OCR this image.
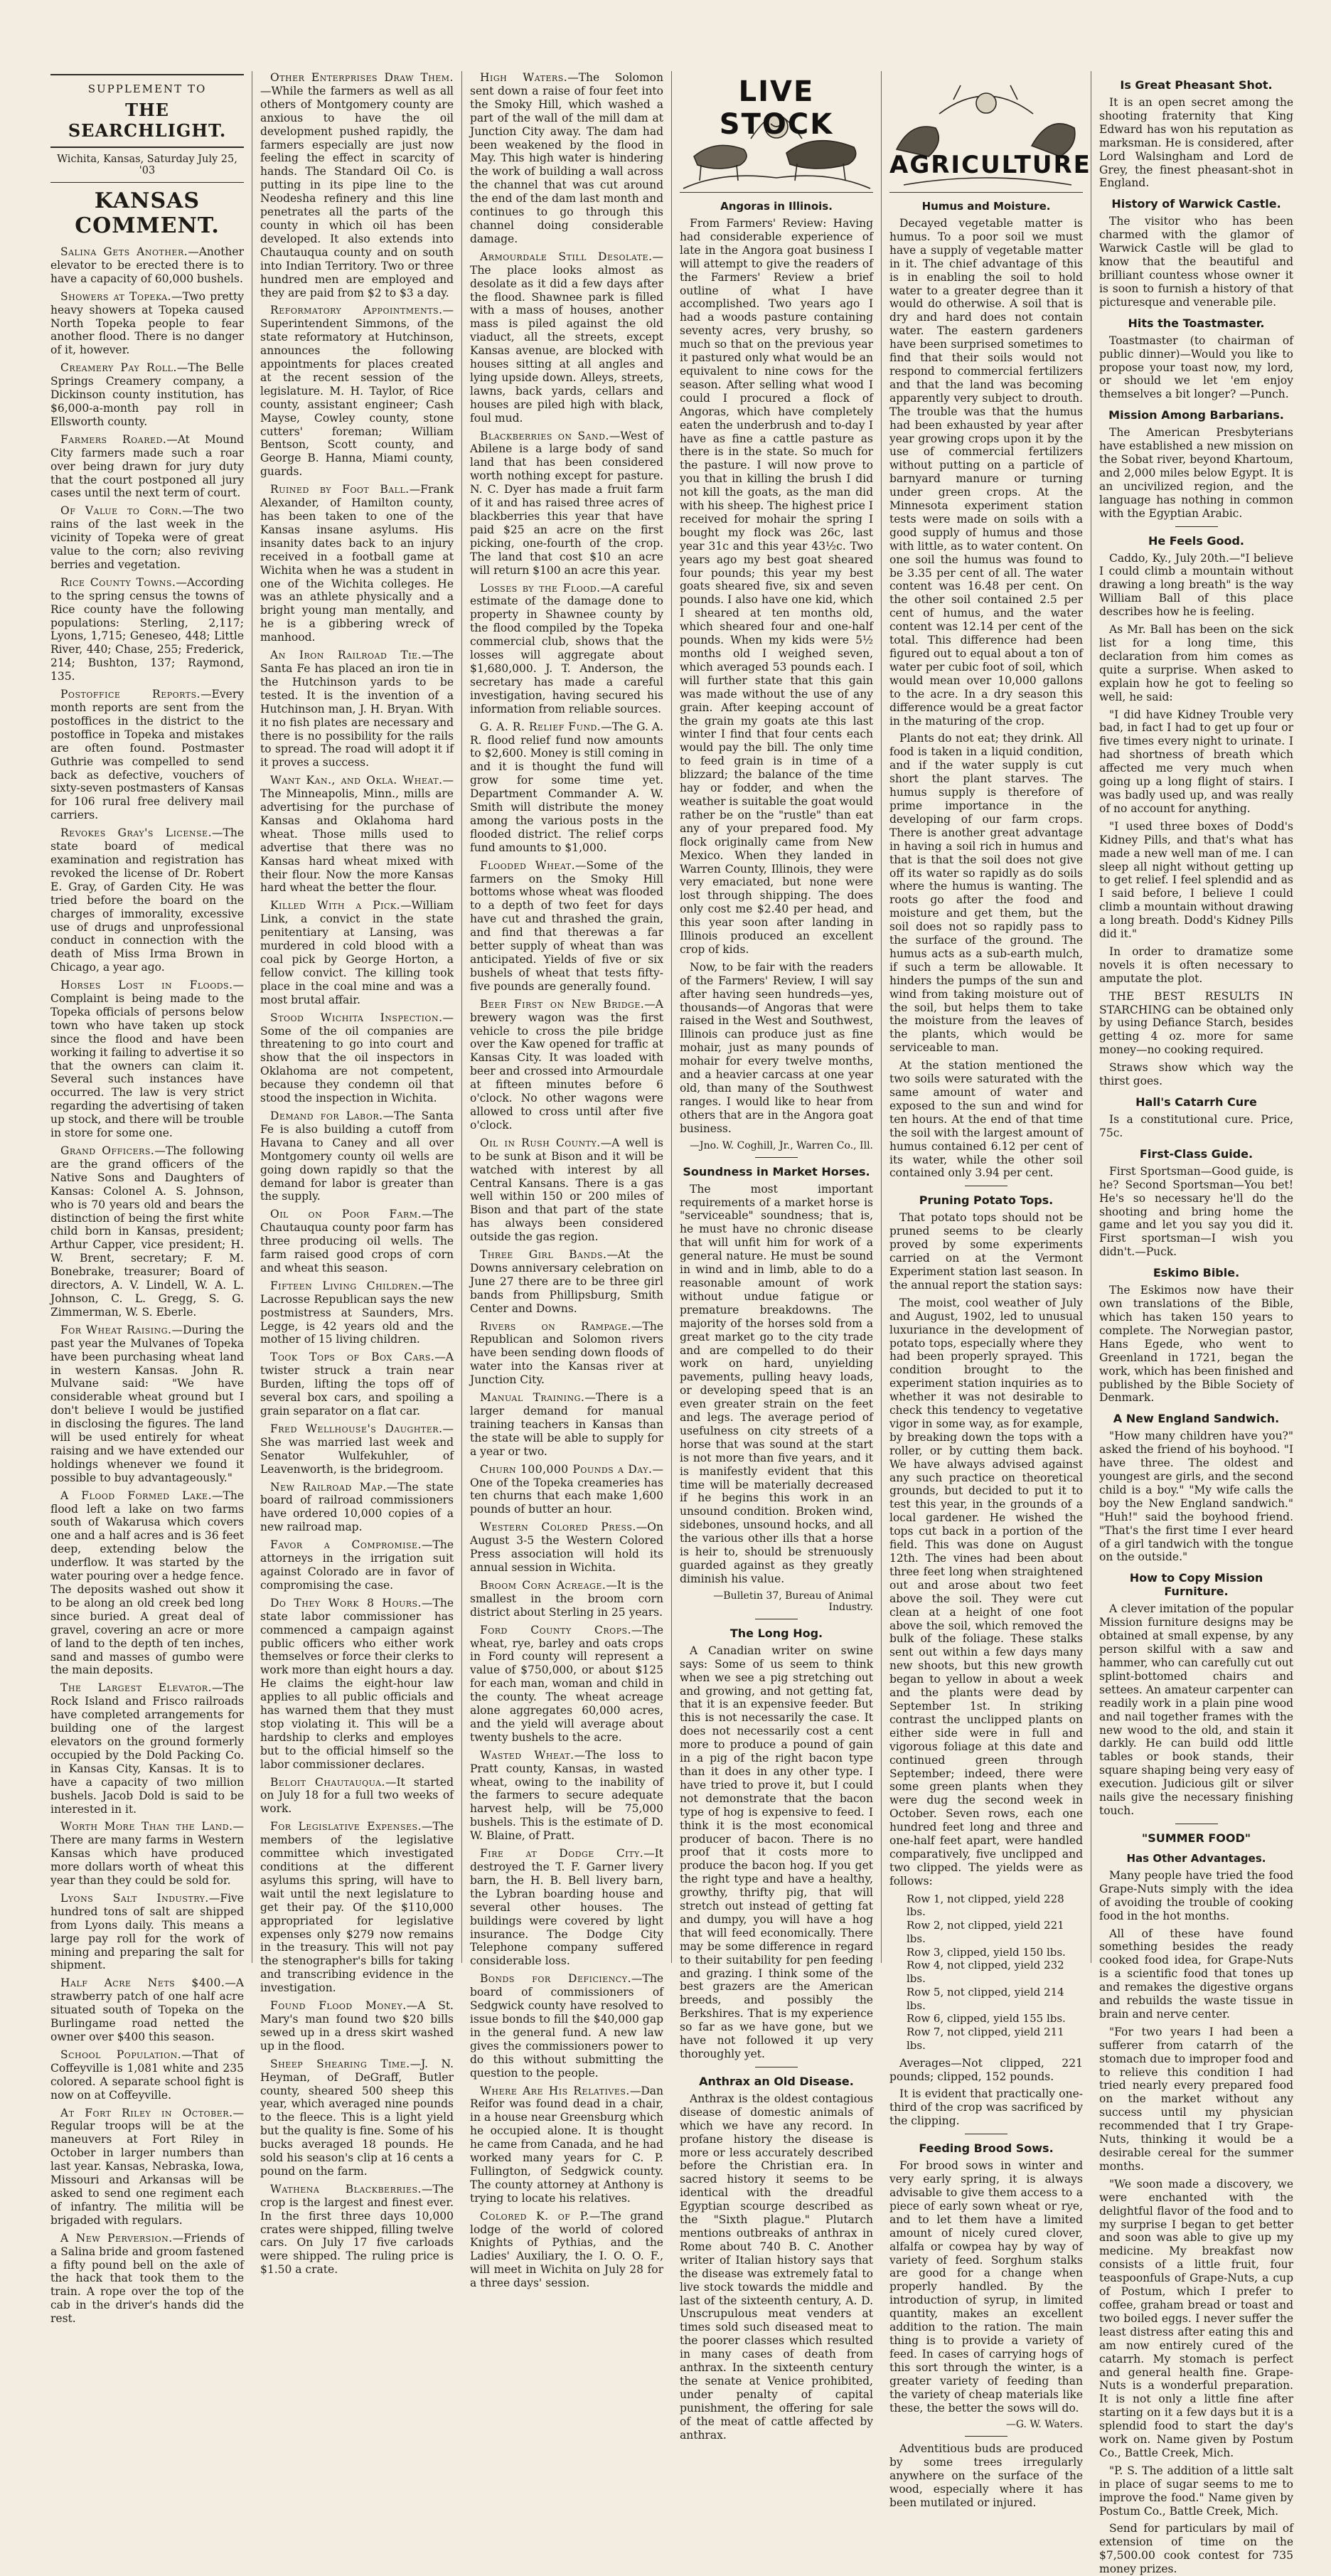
SUPPLEMENT TO
THE SEARCHLIGHT.
Wichita, Kansas, Saturday July 25, '03
KANSAS COMMENT.

Salina Gets Another.—Another elevator to be erected there is to have a capacity of 60,000 bushels.

Showers at Topeka.—Two pretty heavy showers at Topeka caused North Topeka people to fear another flood. There is no danger of it, however.

Creamery Pay Roll.—The Belle Springs Creamery company, a Dickinson county institution, has $6,000-a-month pay roll in Ellsworth county.

Farmers Roared.—At Mound City farmers made such a roar over being drawn for jury duty that the court postponed all jury cases until the next term of court.

Of Value to Corn.—The two rains of the last week in the vicinity of Topeka were of great value to the corn; also reviving berries and vegetation.

Rice County Towns.—According to the spring census the towns of Rice county have the following populations: Sterling, 2,117; Lyons, 1,715; Geneseo, 448; Little River, 440; Chase, 255; Frederick, 214; Bushton, 137; Raymond, 135.

Postoffice Reports.—Every month reports are sent from the postoffices in the district to the postoffice in Topeka and mistakes are often found. Postmaster Guthrie was compelled to send back as defective, vouchers of sixty-seven postmasters of Kansas for 106 rural free delivery mail carriers.

Revokes Gray's License.—The state board of medical examination and registration has revoked the license of Dr. Robert E. Gray, of Garden City. He was tried before the board on the charges of immorality, excessive use of drugs and unprofessional conduct in connection with the death of Miss Irma Brown in Chicago, a year ago.

Horses Lost in Floods.—Complaint is being made to the Topeka officials of persons below town who have taken up stock since the flood and have been working it failing to advertise it so that the owners can claim it. Several such instances have occurred. The law is very strict regarding the advertising of taken up stock, and there will be trouble in store for some one.

Grand Officers.—The following are the grand officers of the Native Sons and Daughters of Kansas: Colonel A. S. Johnson, who is 70 years old and bears the distinction of being the first white child born in Kansas, president; Arthur Capper, vice president; H. W. Brent, secretary; F. M. Bonebrake, treasurer; Board of directors, A. V. Lindell, W. A. L. Johnson, C. L. Gregg, S. G. Zimmerman, W. S. Eberle.

For Wheat Raising.—During the past year the Mulvanes of Topeka have been purchasing wheat land in western Kansas. John R. Mulvane said: "We have considerable wheat ground but I don't believe I would be justified in disclosing the figures. The land will be used entirely for wheat raising and we have extended our holdings whenever we found it possible to buy advantageously."

A Flood Formed Lake.—The flood left a lake on two farms south of Wakarusa which covers one and a half acres and is 36 feet deep, extending below the underflow. It was started by the water pouring over a hedge fence. The deposits washed out show it to be along an old creek bed long since buried. A great deal of gravel, covering an acre or more of land to the depth of ten inches, sand and masses of gumbo were the main deposits.

The Largest Elevator.—The Rock Island and Frisco railroads have completed arrangements for building one of the largest elevators on the ground formerly occupied by the Dold Packing Co. in Kansas City, Kansas. It is to have a capacity of two million bushels. Jacob Dold is said to be interested in it.

Worth More Than the Land.—There are many farms in Western Kansas which have produced more dollars worth of wheat this year than they could be sold for.

Lyons Salt Industry.—Five hundred tons of salt are shipped from Lyons daily. This means a large pay roll for the work of mining and preparing the salt for shipment.

Half Acre Nets $400.—A strawberry patch of one half acre situated south of Topeka on the Burlingame road netted the owner over $400 this season.

School Population.—That of Coffeyville is 1,081 white and 235 colored. A separate school fight is now on at Coffeyville.

At Fort Riley in October.—Regular troops will be at the maneuvers at Fort Riley in October in larger numbers than last year. Kansas, Nebraska, Iowa, Missouri and Arkansas will be asked to send one regiment each of infantry. The militia will be brigaded with regulars.

A New Perversion.—Friends of a Salina bride and groom fastened a fifty pound bell on the axle of the hack that took them to the train. A rope over the top of the cab in the driver's hands did the rest.

Other Enterprises Draw Them.—While the farmers as well as all others of Montgomery county are anxious to have the oil development pushed rapidly, the farmers especially are just now feeling the effect in scarcity of hands. The Standard Oil Co. is putting in its pipe line to the Neodesha refinery and this line penetrates all the parts of the county in which oil has been developed. It also extends into Chautauqua county and on south into Indian Territory. Two or three hundred men are employed and they are paid from $2 to $3 a day.

Reformatory Appointments.—Superintendent Simmons, of the state reformatory at Hutchinson, announces the following appointments for places created at the recent session of the legislature. M. H. Taylor, of Rice county, assistant engineer; Cash Mayse, Cowley county, stone cutters' foreman; William Bentson, Scott county, and George B. Hanna, Miami county, guards.

Ruined by Foot Ball.—Frank Alexander, of Hamilton county, has been taken to one of the Kansas insane asylums. His insanity dates back to an injury received in a football game at Wichita when he was a student in one of the Wichita colleges. He was an athlete physically and a bright young man mentally, and he is a gibbering wreck of manhood.

An Iron Railroad Tie.—The Santa Fe has placed an iron tie in the Hutchinson yards to be tested. It is the invention of a Hutchinson man, J. H. Bryan. With it no fish plates are necessary and there is no possibility for the rails to spread. The road will adopt it if it proves a success.

Want Kan., and Okla. Wheat.—The Minneapolis, Minn., mills are advertising for the purchase of Kansas and Oklahoma hard wheat. Those mills used to advertise that there was no Kansas hard wheat mixed with their flour. Now the more Kansas hard wheat the better the flour.

Killed With a Pick.—William Link, a convict in the state penitentiary at Lansing, was murdered in cold blood with a coal pick by George Horton, a fellow convict. The killing took place in the coal mine and was a most brutal affair.

Stood Wichita Inspection.—Some of the oil companies are threatening to go into court and show that the oil inspectors in Oklahoma are not competent, because they condemn oil that stood the inspection in Wichita.

Demand for Labor.—The Santa Fe is also building a cutoff from Havana to Caney and all over Montgomery county oil wells are going down rapidly so that the demand for labor is greater than the supply.

Oil on Poor Farm.—The Chautauqua county poor farm has three producing oil wells. The farm raised good crops of corn and wheat this season.

Fifteen Living Children.—The Lacrosse Republican says the new postmistress at Saunders, Mrs. Legge, is 42 years old and the mother of 15 living children.

Took Tops of Box Cars.—A twister struck a train near Burden, lifting the tops off of several box cars, and spoiling a grain separator on a flat car.

Fred Wellhouse's Daughter.—She was married last week and Senator Wulfekuhler, of Leavenworth, is the bridegroom.

New Railroad Map.—The state board of railroad commissioners have ordered 10,000 copies of a new railroad map.

Favor a Compromise.—The attorneys in the irrigation suit against Colorado are in favor of compromising the case.

Do They Work 8 Hours.—The state labor commissioner has commenced a campaign against public officers who either work themselves or force their clerks to work more than eight hours a day. He claims the eight-hour law applies to all public officials and has warned them that they must stop violating it. This will be a hardship to clerks and employes but to the official himself so the labor commissioner declares.

Beloit Chautauqua.—It started on July 18 for a full two weeks of work.

For Legislative Expenses.—The members of the legislative committee which investigated conditions at the different asylums this spring, will have to wait until the next legislature to get their pay. Of the $110,000 appropriated for legislative expenses only $279 now remains in the treasury. This will not pay the stenographer's bills for taking and transcribing evidence in the investigation.

Found Flood Money.—A St. Mary's man found two $20 bills sewed up in a dress skirt washed up in the flood.

Sheep Shearing Time.—J. N. Heyman, of DeGraff, Butler county, sheared 500 sheep this year, which averaged nine pounds to the fleece. This is a light yield but the quality is fine. Some of his bucks averaged 18 pounds. He sold his season's clip at 16 cents a pound on the farm.

Wathena Blackberries.—The crop is the largest and finest ever. In the first three days 10,000 crates were shipped, filling twelve cars. On July 17 five carloads were shipped. The ruling price is $1.50 a crate.

High Waters.—The Solomon sent down a raise of four feet into the Smoky Hill, which washed a part of the wall of the mill dam at Junction City away. The dam had been weakened by the flood in May. This high water is hindering the work of building a wall across the channel that was cut around the end of the dam last month and continues to go through this channel doing considerable damage.

Armourdale Still Desolate.—The place looks almost as desolate as it did a few days after the flood. Shawnee park is filled with a mass of houses, another mass is piled against the old viaduct, all the streets, except Kansas avenue, are blocked with houses sitting at all angles and lying upside down. Alleys, streets, lawns, back yards, cellars and houses are piled high with black, foul mud.

Blackberries on Sand.—West of Abilene is a large body of sand land that has been considered worth nothing except for pasture. N. C. Dyer has made a fruit farm of it and has raised three acres of blackberries this year that have paid $25 an acre on the first picking, one-fourth of the crop. The land that cost $10 an acre will return $100 an acre this year.

Losses by the Flood.—A careful estimate of the damage done to property in Shawnee county by the flood compiled by the Topeka commercial club, shows that the losses will aggregate about $1,680,000. J. T. Anderson, the secretary has made a careful investigation, having secured his information from reliable sources.

G. A. R. Relief Fund.—The G. A. R. flood relief fund now amounts to $2,600. Money is still coming in and it is thought the fund will grow for some time yet. Department Commander A. W. Smith will distribute the money among the various posts in the flooded district. The relief corps fund amounts to $1,000.

Flooded Wheat.—Some of the farmers on the Smoky Hill bottoms whose wheat was flooded to a depth of two feet for days have cut and thrashed the grain, and find that therewas a far better supply of wheat than was anticipated. Yields of five or six bushels of wheat that tests fifty-five pounds are generally found.

Beer First on New Bridge.—A brewery wagon was the first vehicle to cross the pile bridge over the Kaw opened for traffic at Kansas City. It was loaded with beer and crossed into Armourdale at fifteen minutes before 6 o'clock. No other wagons were allowed to cross until after five o'clock.

Oil in Rush County.—A well is to be sunk at Bison and it will be watched with interest by all Central Kansans. There is a gas well within 150 or 200 miles of Bison and that part of the state has always been considered outside the gas region.

Three Girl Bands.—At the Downs anniversary celebration on June 27 there are to be three girl bands from Phillipsburg, Smith Center and Downs.

Rivers on Rampage.—The Republican and Solomon rivers have been sending down floods of water into the Kansas river at Junction City.

Manual Training.—There is a larger demand for manual training teachers in Kansas than the state will be able to supply for a year or two.

Churn 100,000 Pounds a Day.—One of the Topeka creameries has ten churns that each make 1,600 pounds of butter an hour.

Western Colored Press.—On August 3-5 the Western Colored Press association will hold its annual session in Wichita.

Broom Corn Acreage.—It is the smallest in the broom corn district about Sterling in 25 years.

Ford County Crops.—The wheat, rye, barley and oats crops in Ford county will represent a value of $750,000, or about $125 for each man, woman and child in the county. The wheat acreage alone aggregates 60,000 acres, and the yield will average about twenty bushels to the acre.

Wasted Wheat.—The loss to Pratt county, Kansas, in wasted wheat, owing to the inability of the farmers to secure adequate harvest help, will be 75,000 bushels. This is the estimate of D. W. Blaine, of Pratt.

Fire at Dodge City.—It destroyed the T. F. Garner livery barn, the H. B. Bell livery barn, the Lybran boarding house and several other houses. The buildings were covered by light insurance. The Dodge City Telephone company suffered considerable loss.

Bonds for Deficiency.—The board of commissioners of Sedgwick county have resolved to issue bonds to fill the $40,000 gap in the general fund. A new law gives the commissioners power to do this without submitting the question to the people.

Where Are His Relatives.—Dan Reifor was found dead in a chair, in a house near Greensburg which he occupied alone. It is thought he came from Canada, and he had worked many years for C. P. Fullington, of Sedgwick county. The county attorney at Anthony is trying to locate his relatives.

Colored K. of P.—The grand lodge of the world of colored Knights of Pythias, and the Ladies' Auxiliary, the I. O. O. F., will meet in Wichita on July 28 for a three days' session.

LIVE STOCK
Angoras in Illinois.

From Farmers' Review: Having had considerable experience of late in the Angora goat business I will attempt to give the readers of the Farmers' Review a brief outline of what I have accomplished. Two years ago I had a woods pasture containing seventy acres, very brushy, so much so that on the previous year it pastured only what would be an equivalent to nine cows for the season. After selling what wood I could I procured a flock of Angoras, which have completely eaten the underbrush and to-day I have as fine a cattle pasture as there is in the state. So much for the pasture. I will now prove to you that in killing the brush I did not kill the goats, as the man did with his sheep. The highest price I received for mohair the spring I bought my flock was 26c, last year 31c and this year 43½c. Two years ago my best goat sheared four pounds; this year my best goats sheared five, six and seven pounds. I also have one kid, which I sheared at ten months old, which sheared four and one-half pounds. When my kids were 5½ months old I weighed seven, which averaged 53 pounds each. I will further state that this gain was made without the use of any grain. After keeping account of the grain my goats ate this last winter I find that four cents each would pay the bill. The only time to feed grain is in time of a blizzard; the balance of the time hay or fodder, and when the weather is suitable the goat would rather be on the "rustle" than eat any of your prepared food. My flock originally came from New Mexico. When they landed in Warren County, Illinois, they were very emaciated, but none were lost through shipping. The does only cost me $2.40 per head, and this year soon after landing in Illinois produced an excellent crop of kids.

Now, to be fair with the readers of the Farmers' Review, I will say after having seen hundreds—yes, thousands—of Angoras that were raised in the West and Southwest, Illinois can produce just as fine mohair, just as many pounds of mohair for every twelve months, and a heavier carcass at one year old, than many of the Southwest ranges. I would like to hear from others that are in the Angora goat business.

—Jno. W. Coghill, Jr., Warren Co., Ill.
Soundness in Market Horses.

The most important requirements of a market horse is "serviceable" soundness; that is, he must have no chronic disease that will unfit him for work of a general nature. He must be sound in wind and in limb, able to do a reasonable amount of work without undue fatigue or premature breakdowns. The majority of the horses sold from a great market go to the city trade and are compelled to do their work on hard, unyielding pavements, pulling heavy loads, or developing speed that is an even greater strain on the feet and legs. The average period of usefulness on city streets of a horse that was sound at the start is not more than five years, and it is manifestly evident that this time will be materially decreased if he begins this work in an unsound condition. Broken wind, sidebones, unsound hocks, and all the various other ills that a horse is heir to, should be strenuously guarded against as they greatly diminish his value.

—Bulletin 37, Bureau of Animal Industry.
The Long Hog.

A Canadian writer on swine says: Some of us seem to think when we see a pig stretching out and growing, and not getting fat, that it is an expensive feeder. But this is not necessarily the case. It does not necessarily cost a cent more to produce a pound of gain in a pig of the right bacon type than it does in any other type. I have tried to prove it, but I could not demonstrate that the bacon type of hog is expensive to feed. I think it is the most economical producer of bacon. There is no proof that it costs more to produce the bacon hog. If you get the right type and have a healthy, growthy, thrifty pig, that will stretch out instead of getting fat and dumpy, you will have a hog that will feed economically. There may be some difference in regard to their suitability for pen feeding and grazing. I think some of the best grazers are the American breeds, and possibly the Berkshires. That is my experience so far as we have gone, but we have not followed it up very thoroughly yet.

Anthrax an Old Disease.

Anthrax is the oldest contagious disease of domestic animals of which we have any record. In profane history the disease is more or less accurately described before the Christian era. In sacred history it seems to be identical with the dreadful Egyptian scourge described as the "Sixth plague." Plutarch mentions outbreaks of anthrax in Rome about 740 B. C. Another writer of Italian history says that the disease was extremely fatal to live stock towards the middle and last of the sixteenth century, A. D. Unscrupulous meat venders at times sold such diseased meat to the poorer classes which resulted in many cases of death from anthrax. In the sixteenth century the senate at Venice prohibited, under penalty of capital punishment, the offering for sale of the meat of cattle affected by anthrax.

AGRICULTURE
Humus and Moisture.

Decayed vegetable matter is humus. To a poor soil we must have a supply of vegetable matter in it. The chief advantage of this is in enabling the soil to hold water to a greater degree than it would do otherwise. A soil that is dry and hard does not contain water. The eastern gardeners have been surprised sometimes to find that their soils would not respond to commercial fertilizers and that the land was becoming apparently very subject to drouth. The trouble was that the humus had been exhausted by year after year growing crops upon it by the use of commercial fertilizers without putting on a particle of barnyard manure or turning under green crops. At the Minnesota experiment station tests were made on soils with a good supply of humus and those with little, as to water content. On one soil the humus was found to be 3.35 per cent of all. The water content was 16.48 per cent. On the other soil contained 2.5 per cent of humus, and the water content was 12.14 per cent of the total. This difference had been figured out to equal about a ton of water per cubic foot of soil, which would mean over 10,000 gallons to the acre. In a dry season this difference would be a great factor in the maturing of the crop.

Plants do not eat; they drink. All food is taken in a liquid condition, and if the water supply is cut short the plant starves. The humus supply is therefore of prime importance in the developing of our farm crops. There is another great advantage in having a soil rich in humus and that is that the soil does not give off its water so rapidly as do soils where the humus is wanting. The roots go after the food and moisture and get them, but the soil does not so rapidly pass to the surface of the ground. The humus acts as a sub-earth mulch, if such a term be allowable. It hinders the pumps of the sun and wind from taking moisture out of the soil, but helps them to take the moisture from the leaves of the plants, which would be serviceable to man.

At the station mentioned the two soils were saturated with the same amount of water and exposed to the sun and wind for ten hours. At the end of that time the soil with the largest amount of humus contained 6.12 per cent of its water, while the other soil contained only 3.94 per cent.

Pruning Potato Tops.

That potato tops should not be pruned seems to be clearly proved by some experiments carried on at the Vermont Experiment station last season. In the annual report the station says:

The moist, cool weather of July and August, 1902, led to unusual luxuriance in the development of potato tops, especially where they had been properly sprayed. This condition brought to the experiment station inquiries as to whether it was not desirable to check this tendency to vegetative vigor in some way, as for example, by breaking down the tops with a roller, or by cutting them back. We have always advised against any such practice on theoretical grounds, but decided to put it to test this year, in the grounds of a local gardener. He wished the tops cut back in a portion of the field. This was done on August 12th. The vines had been about three feet long when straightened out and arose about two feet above the soil. They were cut clean at a height of one foot above the soil, which removed the bulk of the foliage. These stalks sent out within a few days many new shoots, but this new growth began to yellow in about a week and the plants were dead by September 1st. In striking contrast the unclipped plants on either side were in full and vigorous foliage at this date and continued green through September; indeed, there were some green plants when they were dug the second week in October. Seven rows, each one hundred feet long and three and one-half feet apart, were handled comparatively, five unclipped and two clipped. The yields were as follows:

Row 1, not clipped, yield 228 lbs.
Row 2, not clipped, yield 221 lbs.
Row 3, clipped, yield 150 lbs.
Row 4, not clipped, yield 232 lbs.
Row 5, not clipped, yield 214 lbs.
Row 6, clipped, yield 155 lbs.
Row 7, not clipped, yield 211 lbs.

Averages—Not clipped, 221 pounds; clipped, 152 pounds.

It is evident that practically one-third of the crop was sacrificed by the clipping.

Feeding Brood Sows.

For brood sows in winter and very early spring, it is always advisable to give them access to a piece of early sown wheat or rye, and to let them have a limited amount of nicely cured clover, alfalfa or cowpea hay by way of variety of feed. Sorghum stalks are good for a change when properly handled. By the introduction of syrup, in limited quantity, makes an excellent addition to the ration. The main thing is to provide a variety of feed. In cases of carrying hogs of this sort through the winter, is a greater variety of feeding than the variety of cheap materials like these, the better the sows will do.

—G. W. Waters.

Adventitious buds are produced by some trees irregularly anywhere on the surface of the wood, especially where it has been mutilated or injured.

Is Great Pheasant Shot.

It is an open secret among the shooting fraternity that King Edward has won his reputation as marksman. He is considered, after Lord Walsingham and Lord de Grey, the finest pheasant-shot in England.

History of Warwick Castle.

The visitor who has been charmed with the glamor of Warwick Castle will be glad to know that the beautiful and brilliant countess whose owner it is soon to furnish a history of that picturesque and venerable pile.

Hits the Toastmaster.

Toastmaster (to chairman of public dinner)—Would you like to propose your toast now, my lord, or should we let 'em enjoy themselves a bit longer? —Punch.

Mission Among Barbarians.

The American Presbyterians have established a new mission on the Sobat river, beyond Khartoum, and 2,000 miles below Egypt. It is an uncivilized region, and the language has nothing in common with the Egyptian Arabic.

He Feels Good.

Caddo, Ky., July 20th.—"I believe I could climb a mountain without drawing a long breath" is the way William Ball of this place describes how he is feeling.

As Mr. Ball has been on the sick list for a long time, this declaration from him comes as quite a surprise. When asked to explain how he got to feeling so well, he said:

"I did have Kidney Trouble very bad, in fact I had to get up four or five times every night to urinate. I had shortness of breath which affected me very much when going up a long flight of stairs. I was badly used up, and was really of no account for anything.

"I used three boxes of Dodd's Kidney Pills, and that's what has made a new well man of me. I can sleep all night without getting up to get relief. I feel splendid and as I said before, I believe I could climb a mountain without drawing a long breath. Dodd's Kidney Pills did it."

In order to dramatize some novels it is often necessary to amputate the plot.

THE BEST RESULTS IN STARCHING can be obtained only by using Defiance Starch, besides getting 4 oz. more for same money—no cooking required.

Straws show which way the thirst goes.

Hall's Catarrh Cure

Is a constitutional cure. Price, 75c.

First-Class Guide.

First Sportsman—Good guide, is he? Second Sportsman—You bet! He's so necessary he'll do the shooting and bring home the game and let you say you did it. First sportsman—I wish you didn't.—Puck.

Eskimo Bible.

The Eskimos now have their own translations of the Bible, which has taken 150 years to complete. The Norwegian pastor, Hans Egede, who went to Greenland in 1721, began the work, which has been finished and published by the Bible Society of Denmark.

A New England Sandwich.

"How many children have you?" asked the friend of his boyhood. "I have three. The oldest and youngest are girls, and the second child is a boy." "My wife calls the boy the New England sandwich." "Huh!" said the boyhood friend. "That's the first time I ever heard of a girl tandwich with the tongue on the outside."

How to Copy Mission Furniture.

A clever imitation of the popular Mission furniture designs may be obtained at small expense, by any person skilful with a saw and hammer, who can carefully cut out splint-bottomed chairs and settees. An amateur carpenter can readily work in a plain pine wood and nail together frames with the new wood to the old, and stain it darkly. He can build odd little tables or book stands, their square shaping being very easy of execution. Judicious gilt or silver nails give the necessary finishing touch.

"SUMMER FOOD"
Has Other Advantages.

Many people have tried the food Grape-Nuts simply with the idea of avoiding the trouble of cooking food in the hot months.

All of these have found something besides the ready cooked food idea, for Grape-Nuts is a scientific food that tones up and remakes the digestive organs and rebuilds the waste tissue in brain and nerve center.

"For two years I had been a sufferer from catarrh of the stomach due to improper food and to relieve this condition I had tried nearly every prepared food on the market without any success until my physician recommended that I try Grape-Nuts, thinking it would be a desirable cereal for the summer months.

"We soon made a discovery, we were enchanted with the delightful flavor of the food and to my surprise I began to get better and soon was able to give up my medicine. My breakfast now consists of a little fruit, four teaspoonfuls of Grape-Nuts, a cup of Postum, which I prefer to coffee, graham bread or toast and two boiled eggs. I never suffer the least distress after eating this and am now entirely cured of the catarrh. My stomach is perfect and general health fine. Grape-Nuts is a wonderful preparation. It is not only a little fine after starting on it a few days but it is a splendid food to start the day's work on. Name given by Postum Co., Battle Creek, Mich.

"P. S. The addition of a little salt in place of sugar seems to me to improve the food." Name given by Postum Co., Battle Creek, Mich.

Send for particulars by mail of extension of time on the $7,500.00 cook contest for 735 money prizes.
